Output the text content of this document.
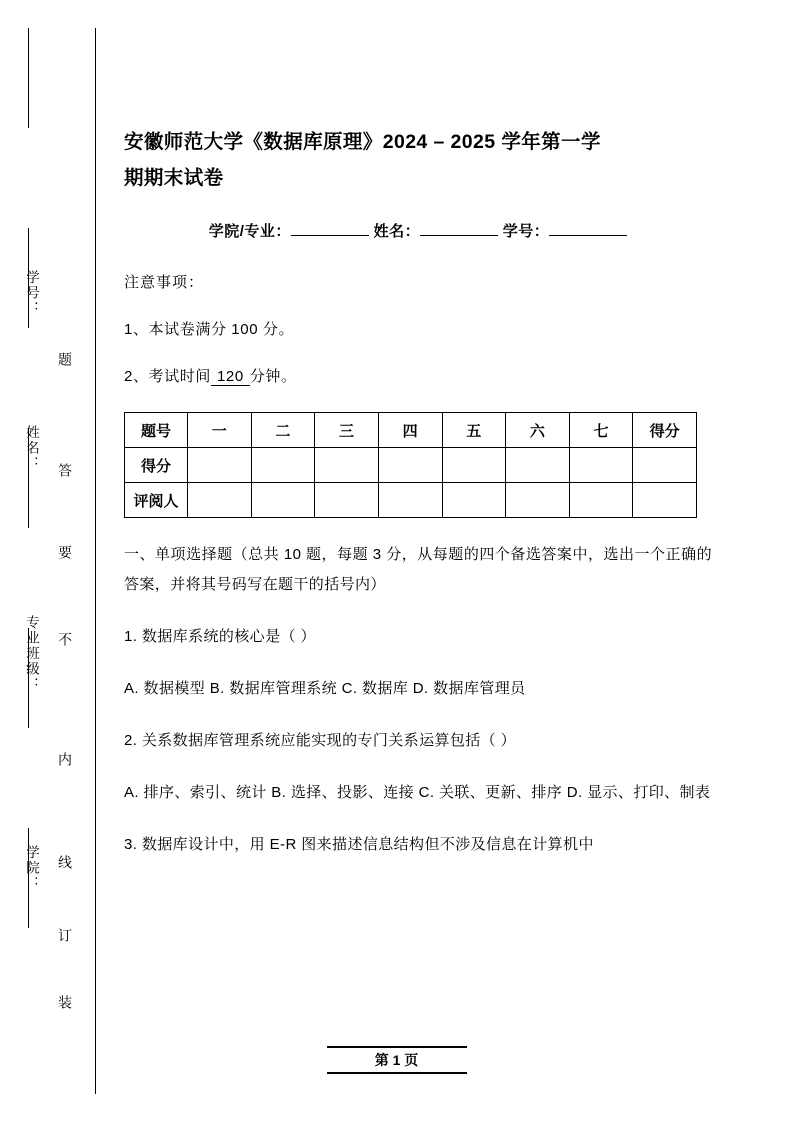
学号：
姓名：
专业班级：
学院：
题
答
要
不
内
线
订
装
安徽师范大学《数据库原理》2024 – 2025 学年第一学
期期末试卷
学院/专业：	姓名：	学号：
注意事项：
1、本试卷满分 100 分。
2、考试时间 120 分钟。
题号	一	二	三	四	五	六	七	得分
得分								
评阅人								
一、单项选择题（总共 10 题，每题 3 分，从每题的四个备选答案中，选出一个正确的答案，并将其号码写在题干的括号内）
1. 数据库系统的核心是（ ）
A. 数据模型 B. 数据库管理系统 C. 数据库 D. 数据库管理员
2. 关系数据库管理系统应能实现的专门关系运算包括（ ）
A. 排序、索引、统计 B. 选择、投影、连接 C. 关联、更新、排序 D. 显示、打印、制表
3. 数据库设计中，用 E-R 图来描述信息结构但不涉及信息在计算机中
第 1 页
